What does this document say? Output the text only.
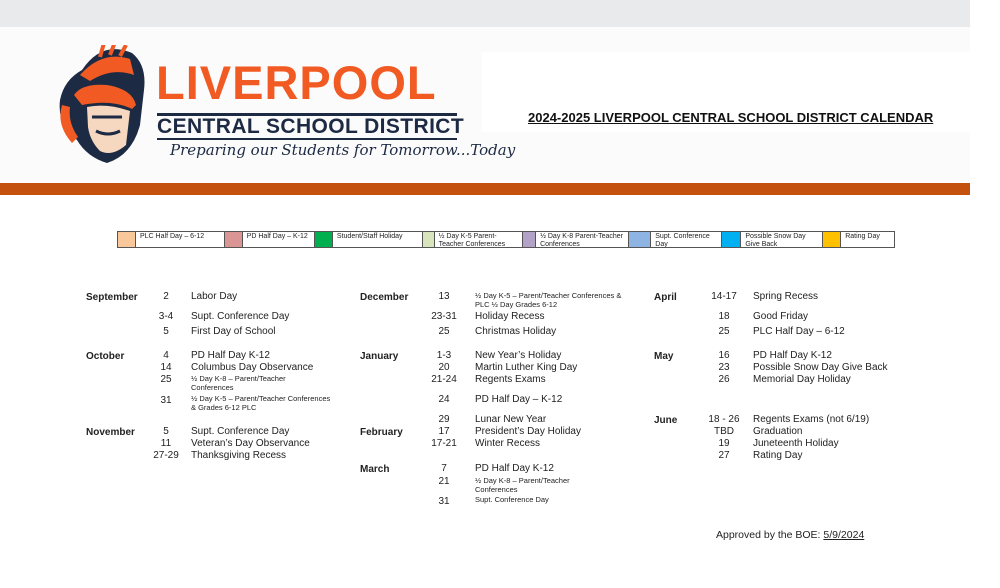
LIVERPOOL
CENTRAL SCHOOL DISTRICT
Preparing our Students for Tomorrow...Today
2024-2025 LIVERPOOL CENTRAL SCHOOL DISTRICT CALENDAR
PLC Half Day – 6-12	PD Half Day – K-12	Student/Staff Holiday	½ Day K-5 Parent-Teacher Conferences
½ Day K-8 Parent-Teacher Conferences
Supt. Conference Day
Possible Snow Day Give Back
Rating Day
September	2	Labor Day
3-4	Supt. Conference Day
5	First Day of School
October	4	PD Half Day K-12
14	Columbus Day Observance
25	½ Day K-8 – Parent/Teacher Conferences
31	½ Day K-5 – Parent/Teacher Conferences & Grades 6-12 PLC
November	5	Supt. Conference Day
11	Veteran’s Day Observance
27-29	Thanksgiving Recess
December	13	½ Day K-5 – Parent/Teacher Conferences & PLC ½ Day Grades 6-12
23-31	Holiday Recess
25	Christmas Holiday
January	1-3	New Year’s Holiday
20	Martin Luther King Day
21-24	Regents Exams
24	PD Half Day – K-12
29	Lunar New Year
February	17	President’s Day Holiday
17-21	Winter Recess
March	7	PD Half Day K-12
21	½ Day K-8 – Parent/Teacher Conferences
31	Supt. Conference Day
April	14-17	Spring Recess
18	Good Friday
25	PLC Half Day – 6-12
May	16	PD Half Day K-12
23	Possible Snow Day Give Back
26	Memorial Day Holiday
June	18 - 26	Regents Exams (not 6/19)
TBD	Graduation
19	Juneteenth Holiday
27	Rating Day
Approved by the BOE: 5/9/2024
